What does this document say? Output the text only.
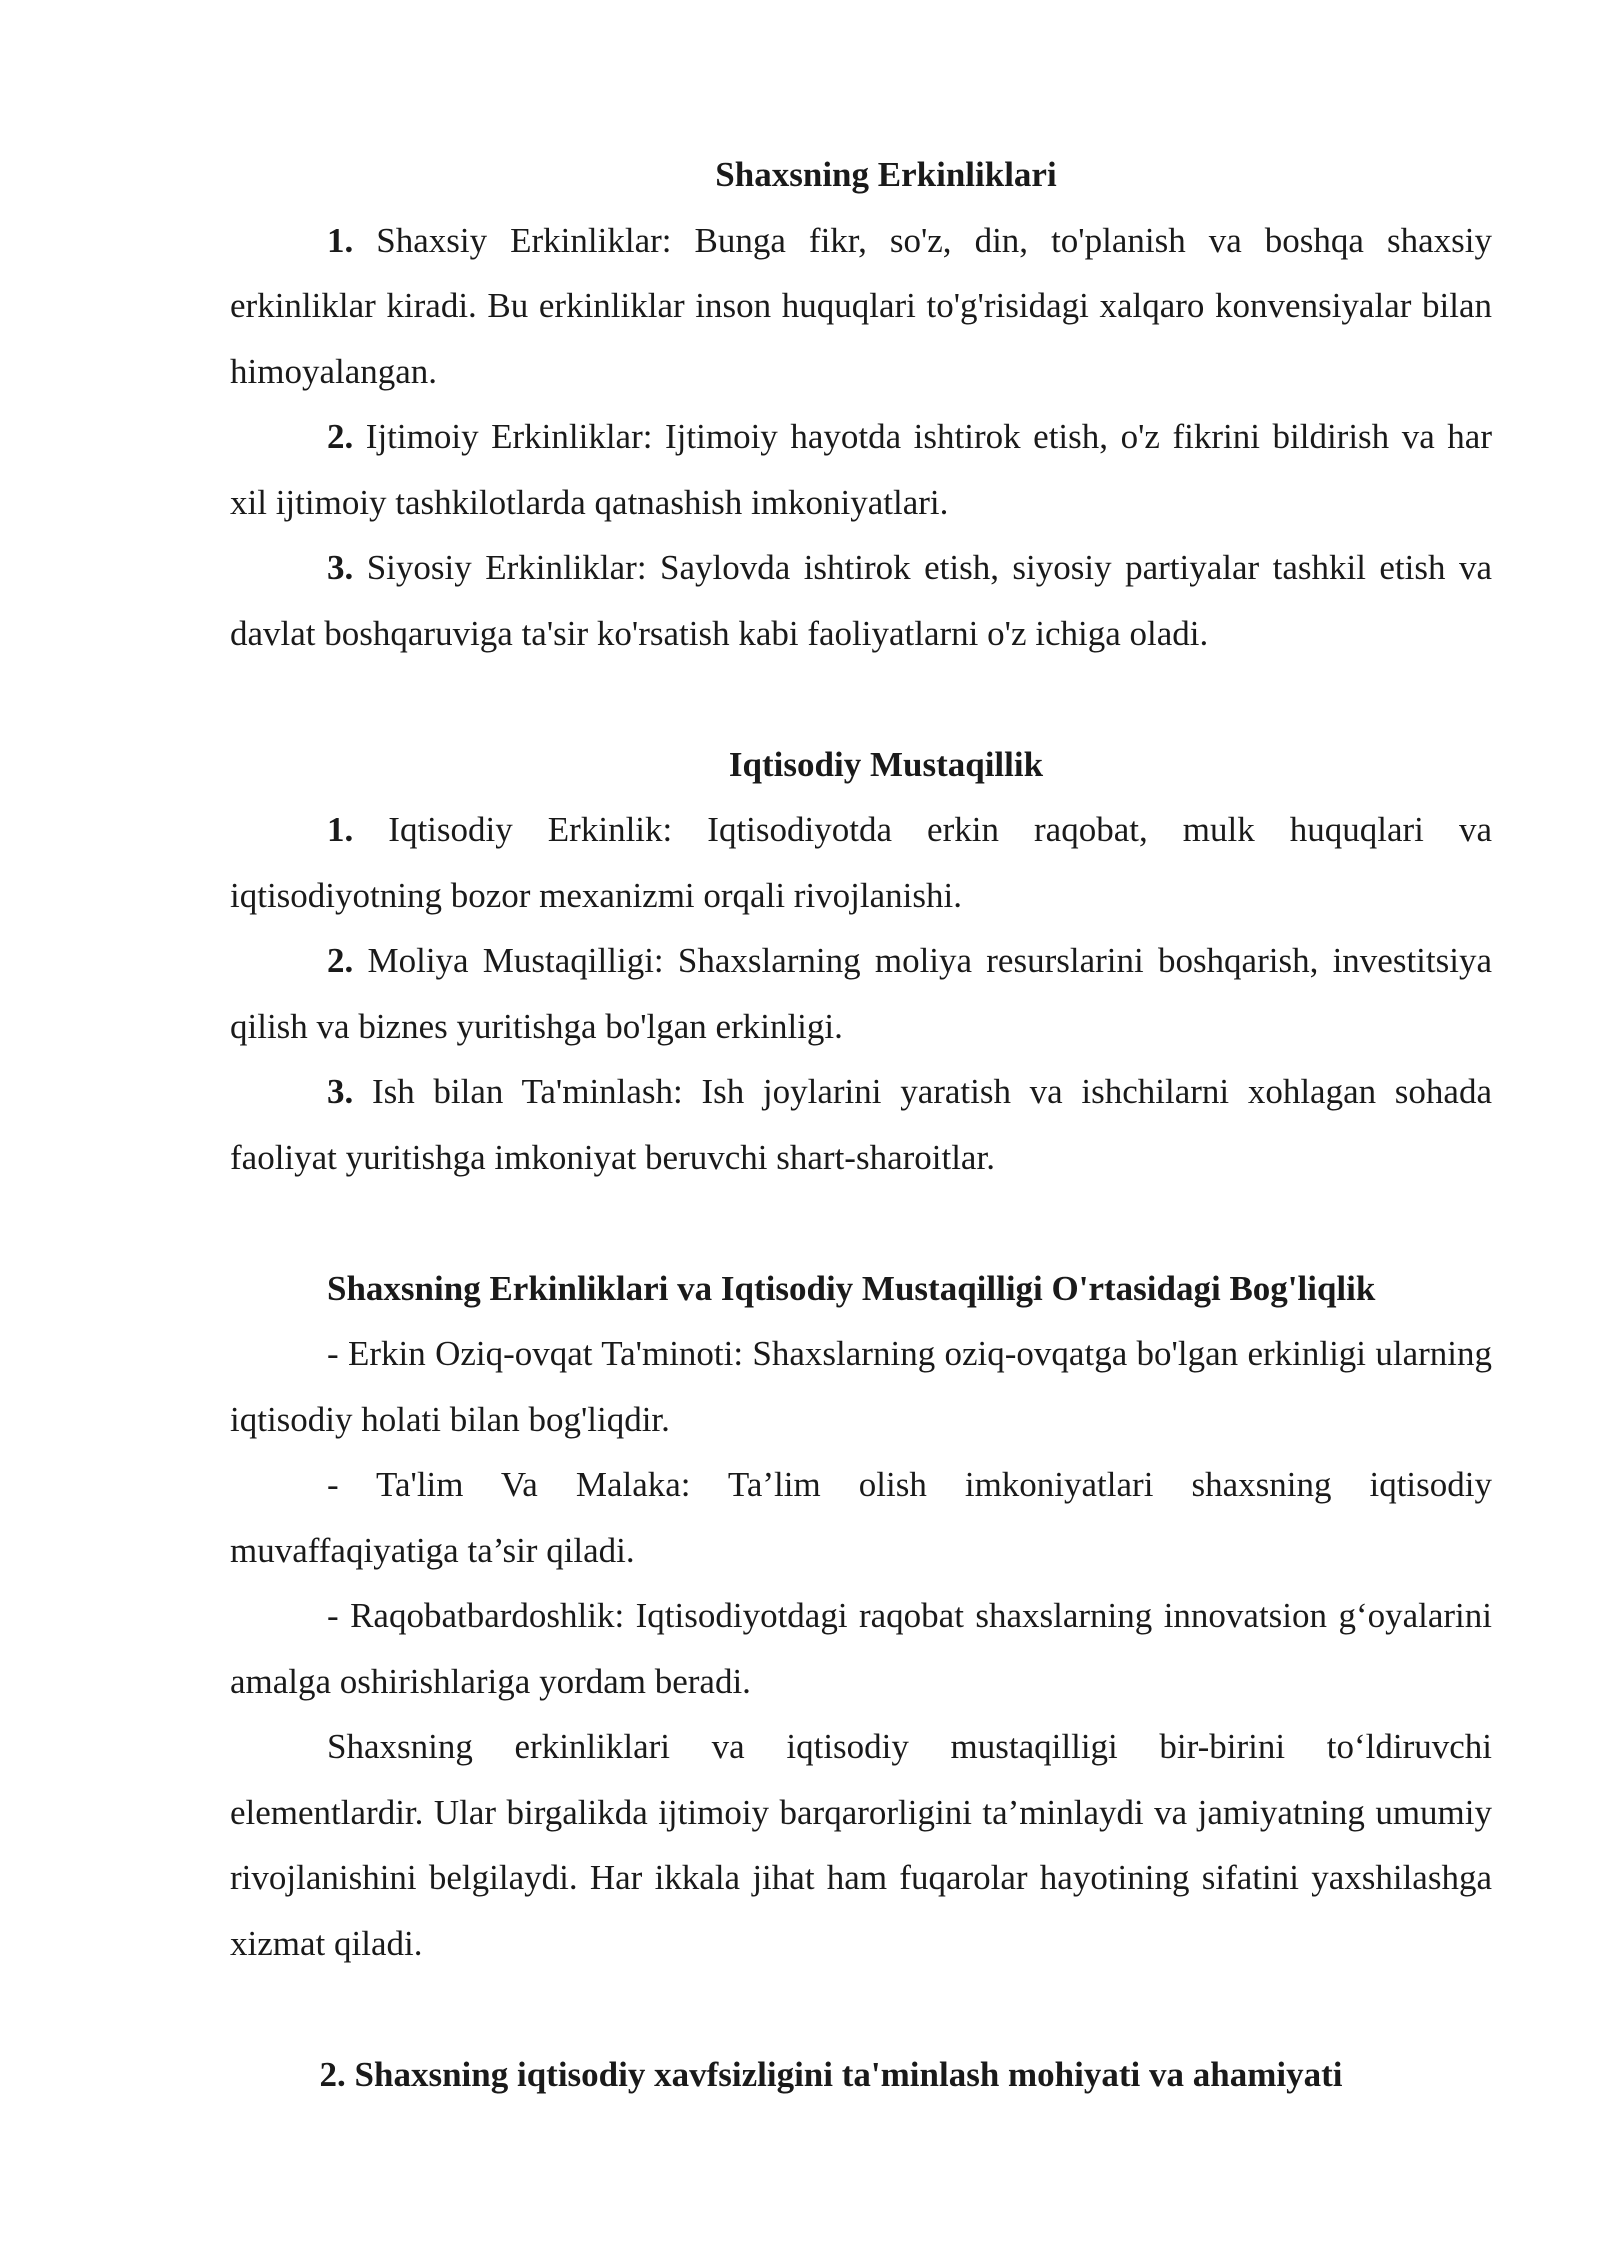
Shaxsning Erkinliklari

1. Shaxsiy Erkinliklar: Bunga fikr, so'z, din, to'planish va boshqa shaxsiy erkinliklar kiradi. Bu erkinliklar inson huquqlari to'g'risidagi xalqaro konvensiyalar bilan himoyalangan.

2. Ijtimoiy Erkinliklar: Ijtimoiy hayotda ishtirok etish, o'z fikrini bildirish va har xil ijtimoiy tashkilotlarda qatnashish imkoniyatlari.

3. Siyosiy Erkinliklar: Saylovda ishtirok etish, siyosiy partiyalar tashkil etish va davlat boshqaruviga ta'sir ko'rsatish kabi faoliyatlarni o'z ichiga oladi.

Iqtisodiy Mustaqillik

1. Iqtisodiy Erkinlik: Iqtisodiyotda erkin raqobat, mulk huquqlari va iqtisodiyotning bozor mexanizmi orqali rivojlanishi.

2. Moliya Mustaqilligi: Shaxslarning moliya resurslarini boshqarish, investitsiya qilish va biznes yuritishga bo'lgan erkinligi.

3. Ish bilan Ta'minlash: Ish joylarini yaratish va ishchilarni xohlagan sohada faoliyat yuritishga imkoniyat beruvchi shart-sharoitlar.

Shaxsning Erkinliklari va Iqtisodiy Mustaqilligi O'rtasidagi Bog'liqlik

- Erkin Oziq-ovqat Ta'minoti: Shaxslarning oziq-ovqatga bo'lgan erkinligi ularning iqtisodiy holati bilan bog'liqdir.

- Ta'lim Va Malaka: Ta’lim olish imkoniyatlari shaxsning iqtisodiy muvaffaqiyatiga ta’sir qiladi.

- Raqobatbardoshlik: Iqtisodiyotdagi raqobat shaxslarning innovatsion g‘oyalarini amalga oshirishlariga yordam beradi.

Shaxsning erkinliklari va iqtisodiy mustaqilligi bir-birini to‘ldiruvchi elementlardir. Ular birgalikda ijtimoiy barqarorligini ta’minlaydi va jamiyatning umumiy rivojlanishini belgilaydi. Har ikkala jihat ham fuqarolar hayotining sifatini yaxshilashga xizmat qiladi.

2. Shaxsning iqtisodiy xavfsizligini ta'minlash mohiyati va ahamiyati
